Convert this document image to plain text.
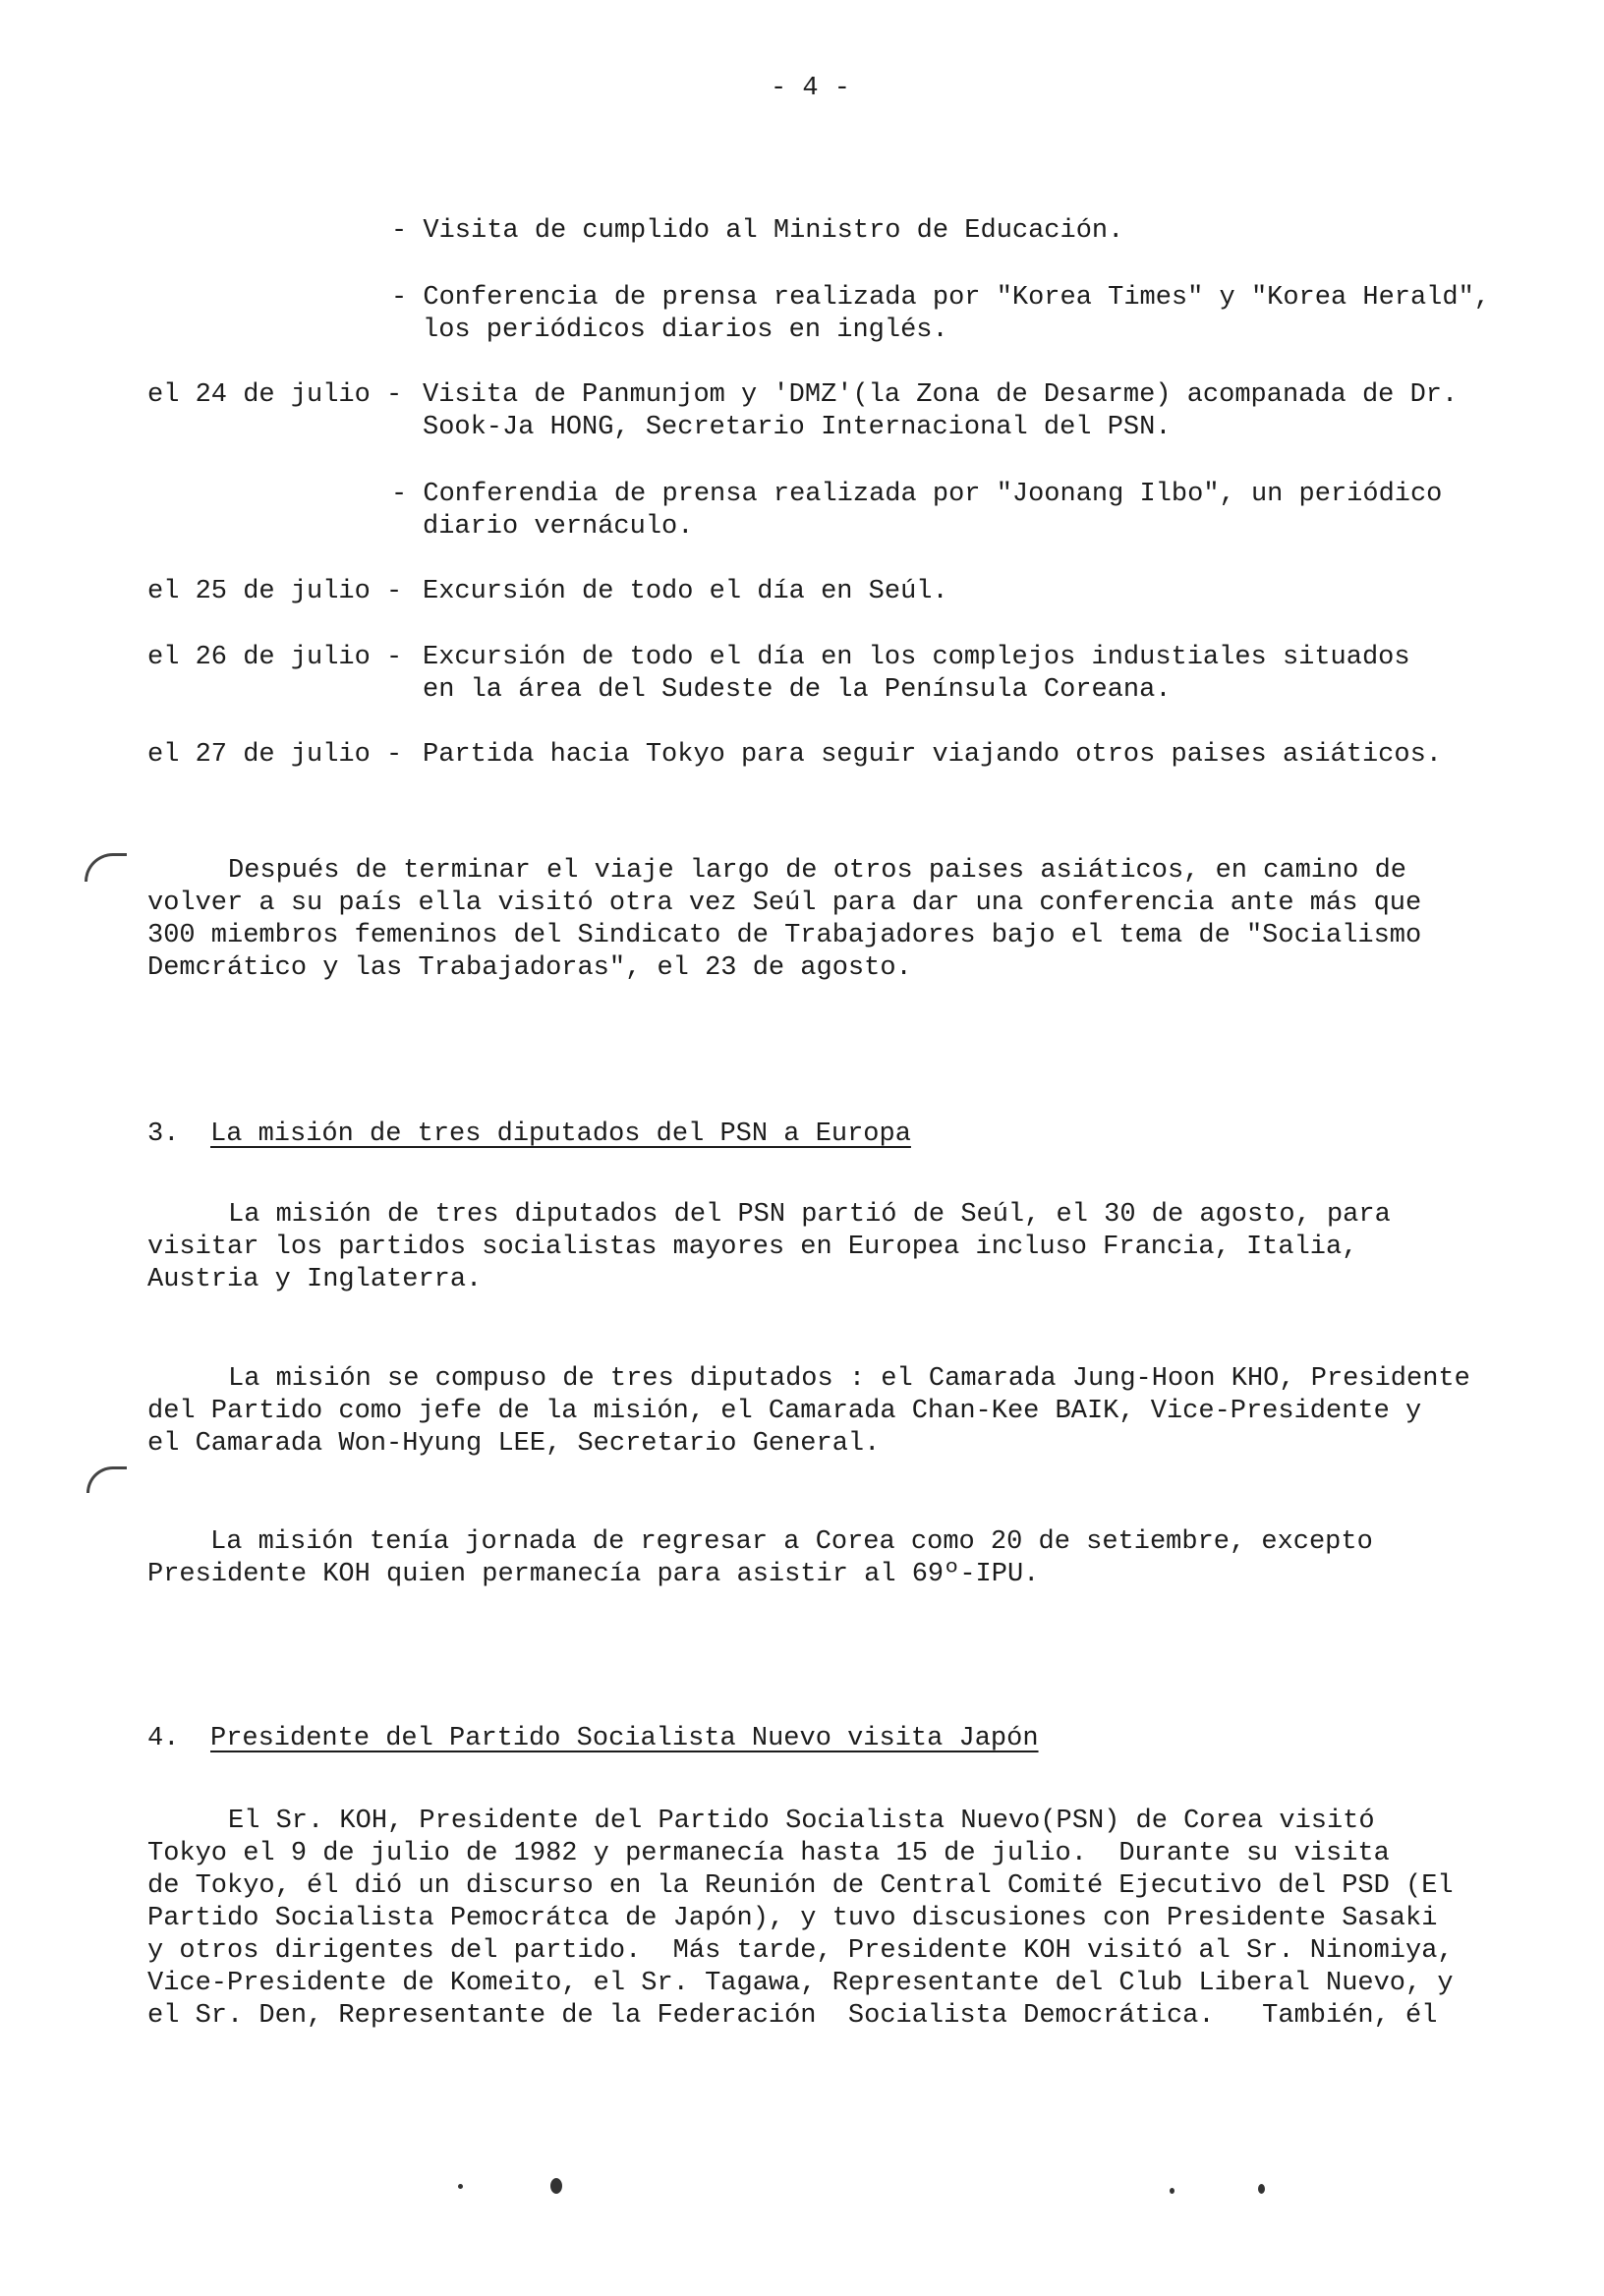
- 4 -
- Visita de cumplido al Ministro de Educación.
- Conferencia de prensa realizada por "Korea Times" y "Korea Herald",
los periódicos diarios en inglés.
el 24 de julio - Visita de Panmunjom y 'DMZ'(la Zona de Desarme) acompanada de Dr.
Sook-Ja HONG, Secretario Internacional del PSN.
- Conferendia de prensa realizada por "Joonang Ilbo", un periódico
diario vernáculo.
el 25 de julio - Excursión de todo el día en Seúl.
el 26 de julio - Excursión de todo el día en los complejos industiales situados
en la área del Sudeste de la Península Coreana.
el 27 de julio - Partida hacia Tokyo para seguir viajando otros paises asiáticos.
Después de terminar el viaje largo de otros paises asiáticos, en camino de
volver a su país ella visitó otra vez Seúl para dar una conferencia ante más que
300 miembros femeninos del Sindicato de Trabajadores bajo el tema de "Socialismo
Demcrático y las Trabajadoras", el 23 de agosto.
3. La misión de tres diputados del PSN a Europa
La misión de tres diputados del PSN partió de Seúl, el 30 de agosto, para
visitar los partidos socialistas mayores en Europea incluso Francia, Italia,
Austria y Inglaterra.
La misión se compuso de tres diputados : el Camarada Jung-Hoon KHO, Presidente
del Partido como jefe de la misión, el Camarada Chan-Kee BAIK, Vice-Presidente y
el Camarada Won-Hyung LEE, Secretario General.
La misión tenía jornada de regresar a Corea como 20 de setiembre, excepto
Presidente KOH quien permanecía para asistir al 69º-IPU.
4. Presidente del Partido Socialista Nuevo visita Japón
El Sr. KOH, Presidente del Partido Socialista Nuevo(PSN) de Corea visitó
Tokyo el 9 de julio de 1982 y permanecía hasta 15 de julio.  Durante su visita
de Tokyo, él dió un discurso en la Reunión de Central Comité Ejecutivo del PSD (El
Partido Socialista Pemocrátca de Japón), y tuvo discusiones con Presidente Sasaki
y otros dirigentes del partido.  Más tarde, Presidente KOH visitó al Sr. Ninomiya,
Vice-Presidente de Komeito, el Sr. Tagawa, Representante del Club Liberal Nuevo, y
el Sr. Den, Representante de la Federación  Socialista Democrática.   También, él
